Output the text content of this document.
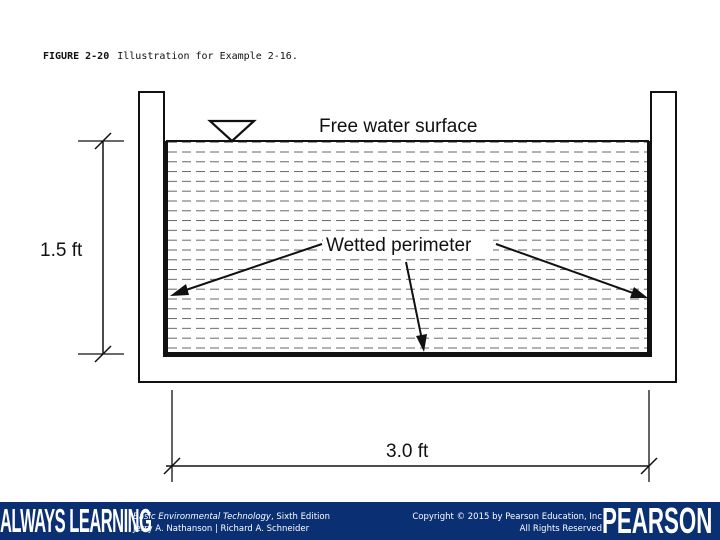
FIGURE 2-20 Illustration for Example 2-16.
Free water surface
Wetted perimeter
1.5 ft
3.0 ft
ALWAYS LEARNING
Basic Environmental Technology, Sixth Edition
Jerry A. Nathanson | Richard A. Schneider
Copyright © 2015 by Pearson Education, Inc
All Rights Reserved PEARSON
